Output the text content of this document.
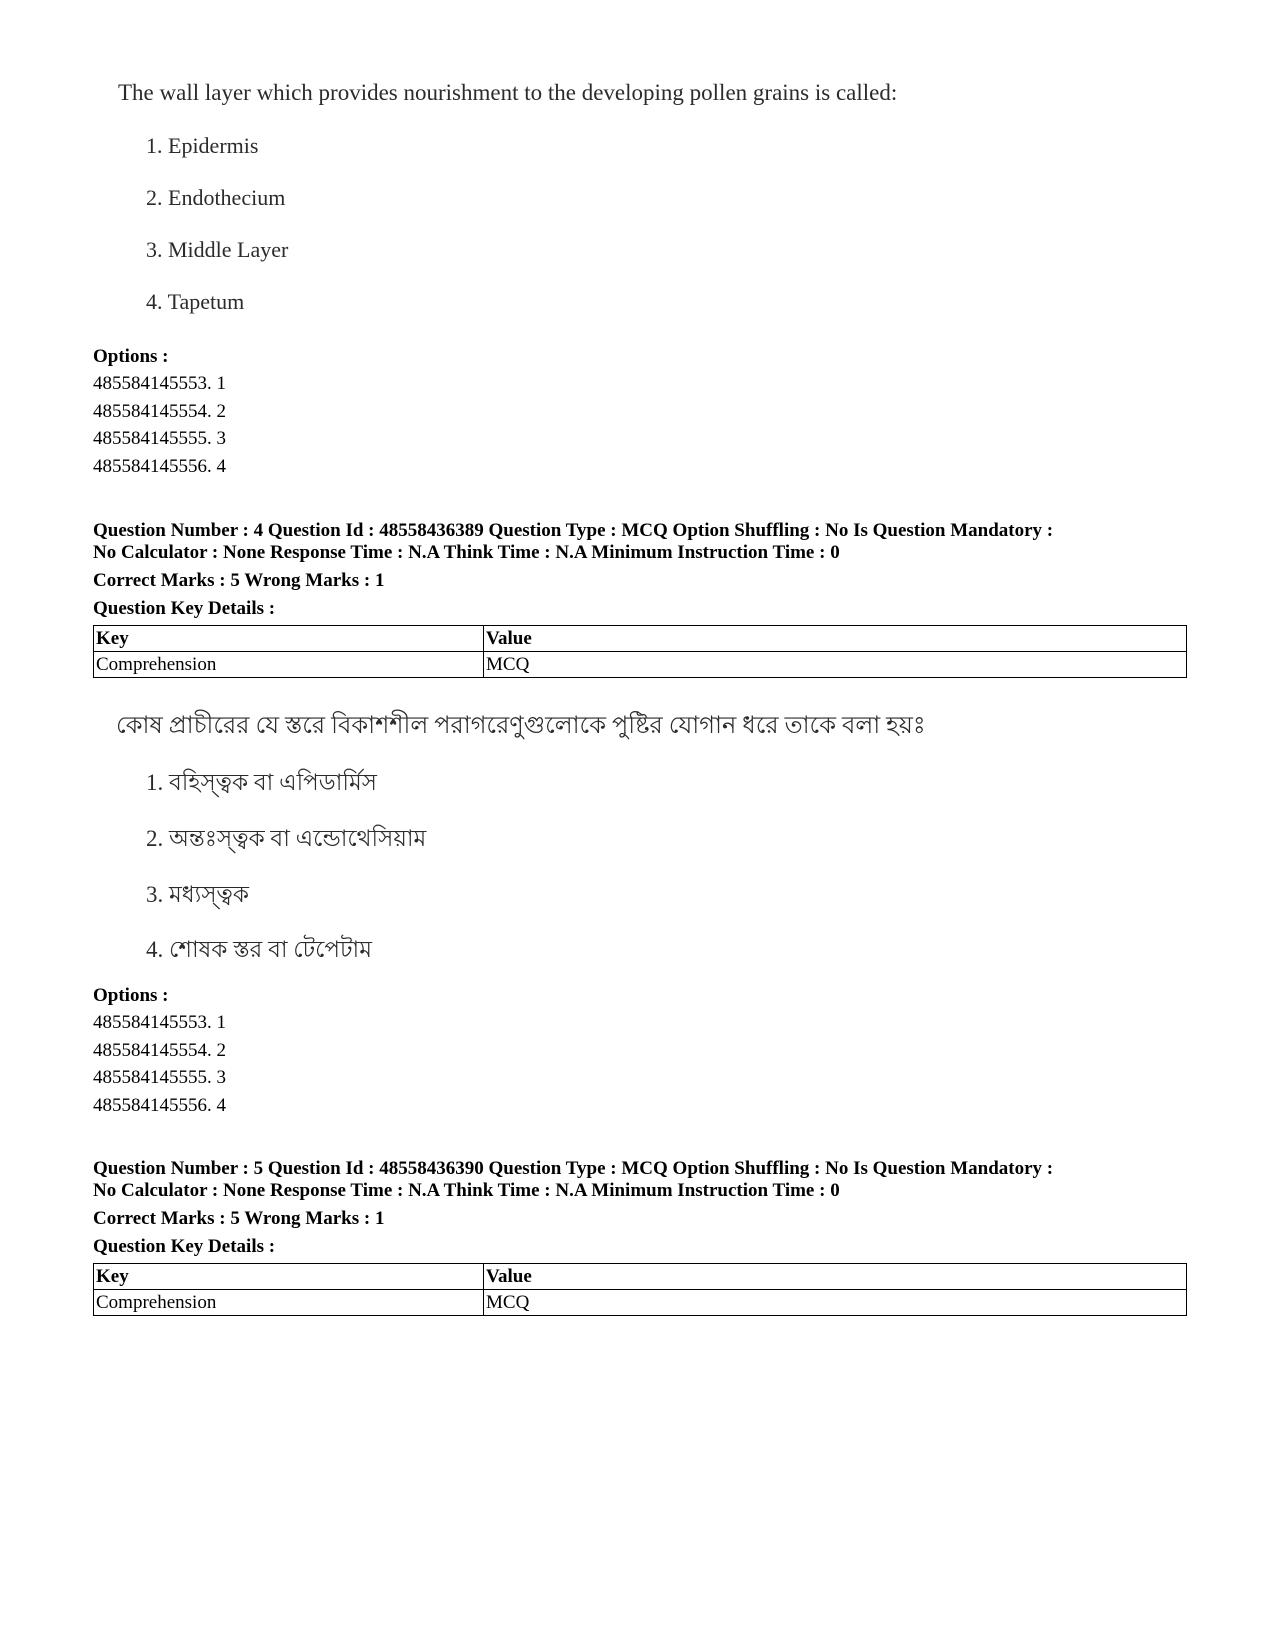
The wall layer which provides nourishment to the developing pollen grains is called:
1. Epidermis
2. Endothecium
3. Middle Layer
4. Tapetum
Options :
485584145553. 1
485584145554. 2
485584145555. 3
485584145556. 4
Question Number : 4 Question Id : 48558436389 Question Type : MCQ Option Shuffling : No Is Question Mandatory :
No Calculator : None Response Time : N.A Think Time : N.A Minimum Instruction Time : 0
Correct Marks : 5 Wrong Marks : 1
Question Key Details :
Key	Value
Comprehension	MCQ
কোষ প্রাচীরের যে স্তরে বিকাশশীল পরাগরেণুগুলোকে পুষ্টির যোগান ধরে তাকে বলা হয়ঃ
1. বহিস্ত্বক বা এপিডার্মিস
2. অন্তঃস্ত্বক বা এন্ডোথেসিয়াম
3. মধ্যস্ত্বক
4. শোষক স্তর বা টেপেটাম
Options :
485584145553. 1
485584145554. 2
485584145555. 3
485584145556. 4
Question Number : 5 Question Id : 48558436390 Question Type : MCQ Option Shuffling : No Is Question Mandatory :
No Calculator : None Response Time : N.A Think Time : N.A Minimum Instruction Time : 0
Correct Marks : 5 Wrong Marks : 1
Question Key Details :
Key	Value
Comprehension	MCQ
